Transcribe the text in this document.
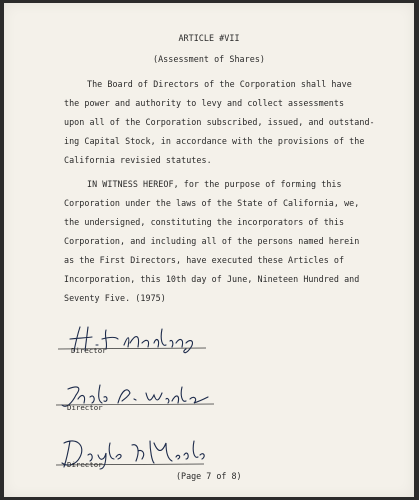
ARTICLE #VII
(Assessment of Shares)
The Board of Directors of the Corporation shall have
the power and authority to levy and collect assessments
upon all of the Corporation subscribed, issued, and outstand-
ing Capital Stock, in accordance with the provisions of the
California revisied statutes.
IN WITNESS HEREOF, for the purpose of forming this
Corporation under the laws of the State of California, we,
the undersigned, constituting the incorporators of this
Corporation, and including all of the persons named herein
as the First Directors, have executed these Articles of
Incorporation, this 10th day of June, Nineteen Hundred and
Seventy Five. (1975)
Director
Director
Director
(Page 7 of 8)
